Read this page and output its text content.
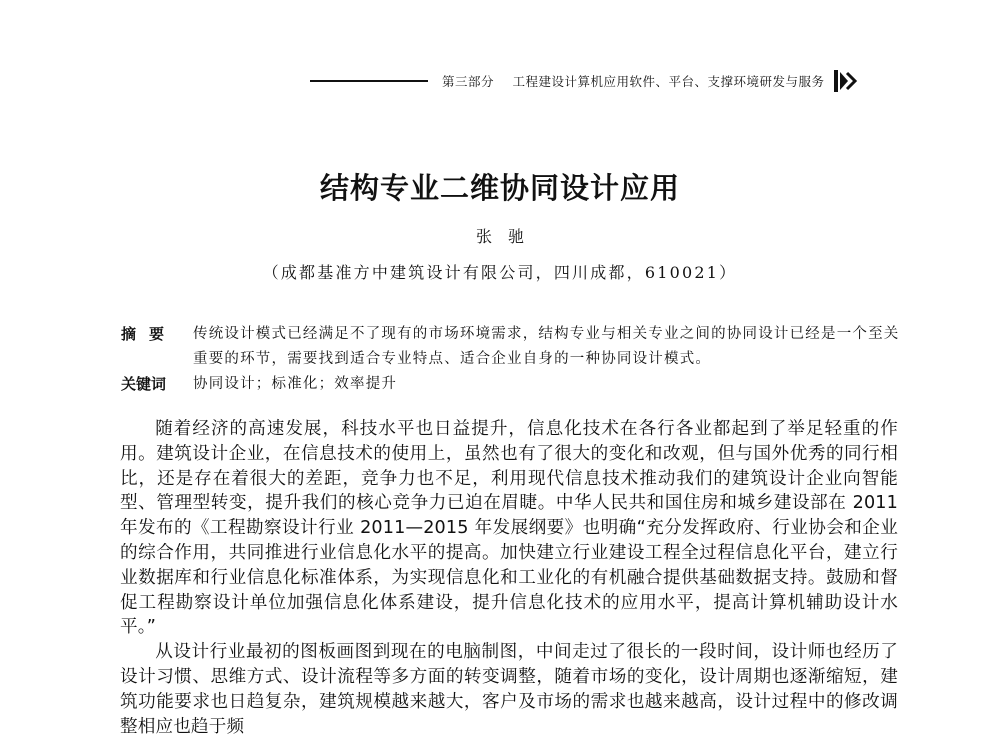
第三部分 工程建设计算机应用软件、平台、支撑环境研发与服务
结构专业二维协同设计应用
张驰
（成都基准方中建筑设计有限公司，四川成都，610021）
摘要	传统设计模式已经满足不了现有的市场环境需求，结构专业与相关专业之间的协同设计已经是一个至关重要的环节，需要找到适合专业特点、适合企业自身的一种协同设计模式。
关键词	协同设计；标准化；效率提升

随着经济的高速发展，科技水平也日益提升，信息化技术在各行各业都起到了举足轻重的作用。建筑设计企业，在信息技术的使用上，虽然也有了很大的变化和改观，但与国外优秀的同行相比，还是存在着很大的差距，竞争力也不足，利用现代信息技术推动我们的建筑设计企业向智能型、管理型转变，提升我们的核心竞争力已迫在眉睫。中华人民共和国住房和城乡建设部在 2011 年发布的《工程勘察设计行业 2011—2015 年发展纲要》也明确“充分发挥政府、行业协会和企业的综合作用，共同推进行业信息化水平的提高。加快建立行业建设工程全过程信息化平台，建立行业数据库和行业信息化标准体系，为实现信息化和工业化的有机融合提供基础数据支持。鼓励和督促工程勘察设计单位加强信息化体系建设，提升信息化技术的应用水平，提高计算机辅助设计水平。”

从设计行业最初的图板画图到现在的电脑制图，中间走过了很长的一段时间，设计师也经历了设计习惯、思维方式、设计流程等多方面的转变调整，随着市场的变化，设计周期也逐渐缩短，建筑功能要求也日趋复杂，建筑规模越来越大，客户及市场的需求也越来越高，设计过程中的修改调整相应也趋于频
